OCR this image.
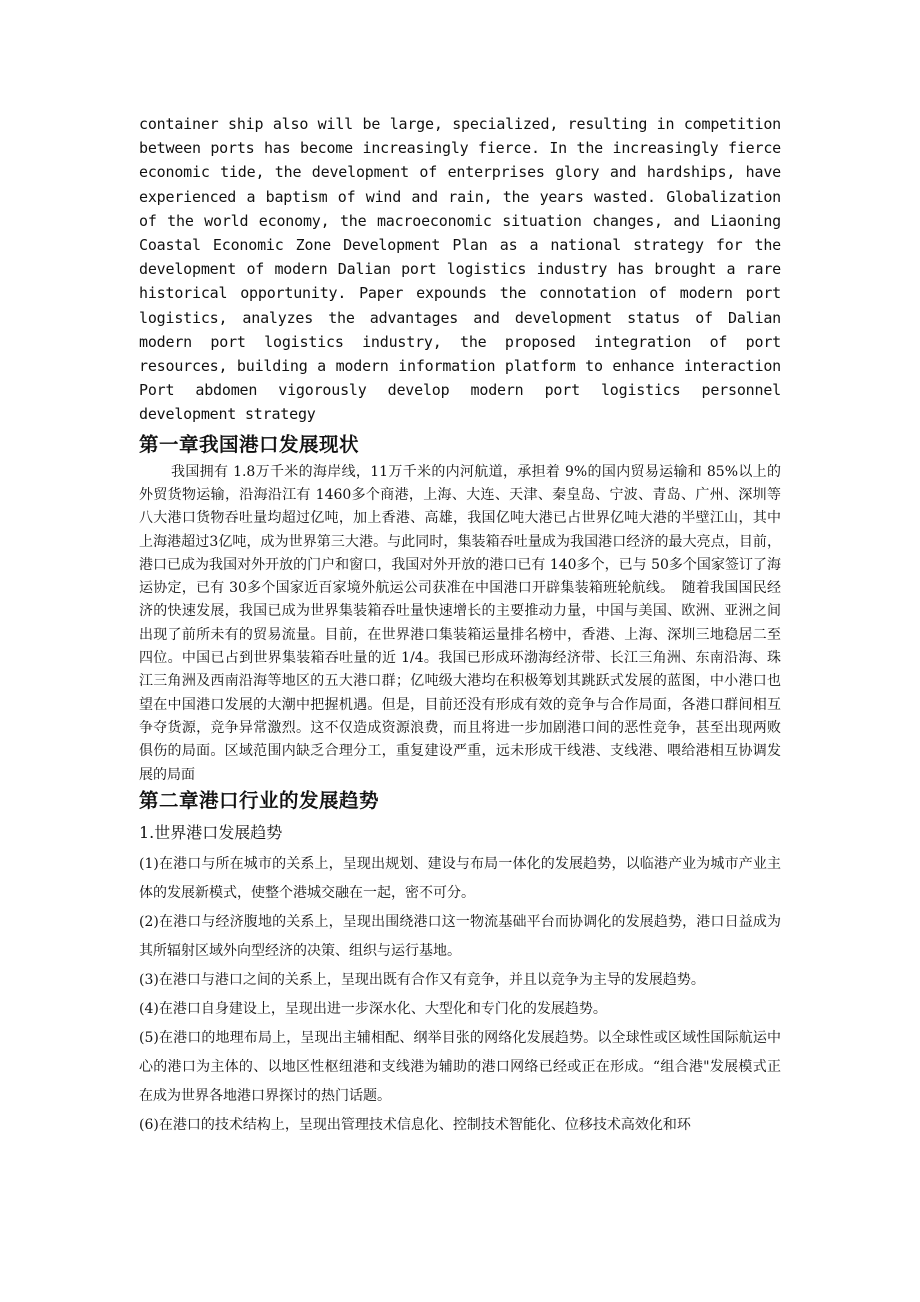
container ship also will be large, specialized, resulting in competition between ports has become increasingly fierce. In the increasingly fierce economic tide, the development of enterprises glory and hardships, have experienced a baptism of wind and rain, the years wasted. Globalization of the world economy, the macroeconomic situation changes, and Liaoning Coastal Economic Zone Development Plan as a national strategy for the development of modern Dalian port logistics industry has brought a rare historical opportunity. Paper expounds the connotation of modern port logistics, analyzes the advantages and development status of Dalian modern port logistics industry, the proposed integration of port resources, building a modern information platform to enhance interaction Port abdomen vigorously develop modern port logistics personnel development strategy

第一章我国港口发展现状

我国拥有 1.8万千米的海岸线，11万千米的内河航道，承担着 9%的国内贸易运输和 85%以上的外贸货物运输，沿海沿江有 1460多个商港，上海、大连、天津、秦皇岛、宁波、青岛、广州、深圳等八大港口货物吞吐量均超过亿吨，加上香港、高雄，我国亿吨大港已占世界亿吨大港的半壁江山，其中上海港超过3亿吨，成为世界第三大港。与此同时，集装箱吞吐量成为我国港口经济的最大亮点，目前，港口已成为我国对外开放的门户和窗口，我国对外开放的港口已有 140多个，已与 50多个国家签订了海运协定，已有 30多个国家近百家境外航运公司获准在中国港口开辟集装箱班轮航线。　随着我国国民经济的快速发展，我国已成为世界集装箱吞吐量快速增长的主要推动力量，中国与美国、欧洲、亚洲之间出现了前所未有的贸易流量。目前，在世界港口集装箱运量排名榜中，香港、上海、深圳三地稳居二至四位。中国已占到世界集装箱吞吐量的近 1/4。我国已形成环渤海经济带、长江三角洲、东南沿海、珠江三角洲及西南沿海等地区的五大港口群；亿吨级大港均在积极筹划其跳跃式发展的蓝图，中小港口也望在中国港口发展的大潮中把握机遇。但是，目前还没有形成有效的竞争与合作局面，各港口群间相互争夺货源，竞争异常激烈。这不仅造成资源浪费，而且将进一步加剧港口间的恶性竞争，甚至出现两败俱伤的局面。区域范围内缺乏合理分工，重复建设严重，远未形成干线港、支线港、喂给港相互协调发展的局面

第二章港口行业的发展趋势
1.世界港口发展趋势
(1)在港口与所在城市的关系上，呈现出规划、建设与布局一体化的发展趋势，以临港产业为城市产业主体的发展新模式，使整个港城交融在一起，密不可分。
(2)在港口与经济腹地的关系上，呈现出围绕港口这一物流基础平台而协调化的发展趋势，港口日益成为其所辐射区域外向型经济的决策、组织与运行基地。
(3)在港口与港口之间的关系上，呈现出既有合作又有竞争，并且以竞争为主导的发展趋势。
(4)在港口自身建设上，呈现出进一步深水化、大型化和专门化的发展趋势。
(5)在港口的地理布局上，呈现出主辅相配、纲举目张的网络化发展趋势。以全球性或区域性国际航运中心的港口为主体的、以地区性枢纽港和支线港为辅助的港口网络已经或正在形成。“组合港"发展模式正在成为世界各地港口界探讨的热门话题。
(6)在港口的技术结构上，呈现出管理技术信息化、控制技术智能化、位移技术高效化和环
